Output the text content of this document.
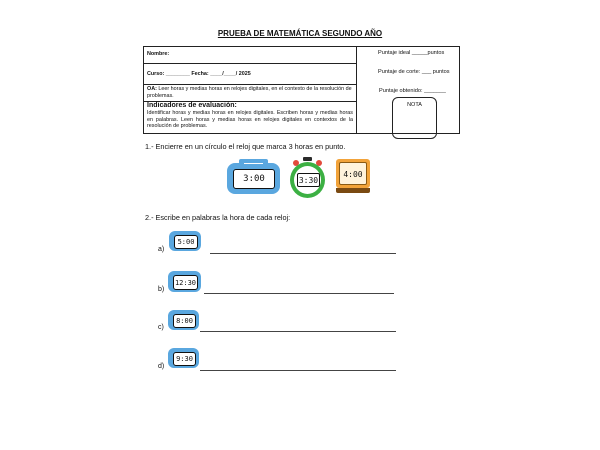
PRUEBA DE MATEMÁTICA SEGUNDO AÑO
Nombre:
Curso: ________ Fecha: ____/____/ 2025
OA: Leer horas y medias horas en relojes digitales, en el contexto de la resolución de problemas.
Indicadores de evaluación:
Identificar horas y medias horas en relojes digitales. Escriben horas y medias horas en palabras. Leen horas y medias horas en relojes digitales en contextos de la resolución de problemas.
Puntaje ideal _____puntos
Puntaje de corte: ___ puntos
Puntaje obtenido: _______
NOTA
1.- Encierre en un círculo el reloj que marca 3 horas en punto.
3:00	3:30
4:00
2.- Escribe en palabras la hora de cada reloj:
5:00
a)
12:30
b)
8:00
c)
9:30
d)
